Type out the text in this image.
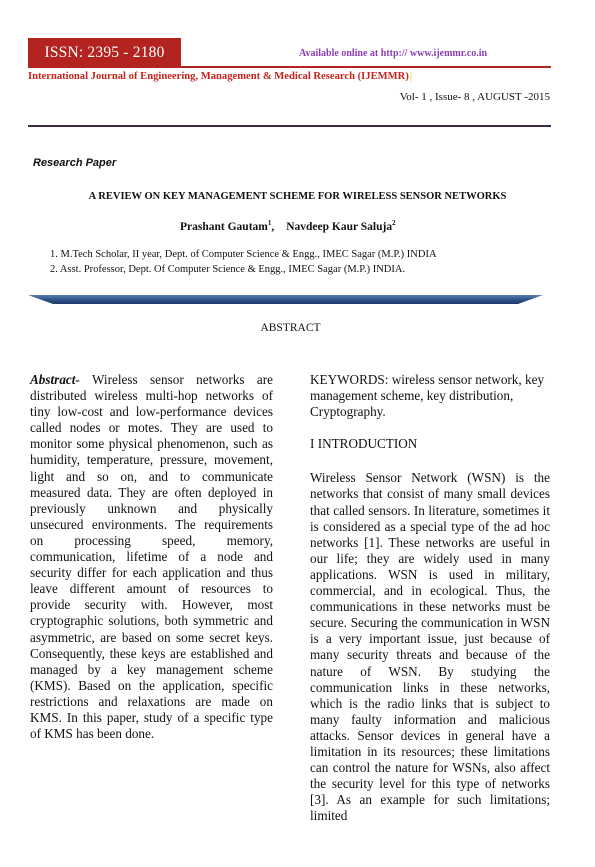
ISSN: 2395 - 2180	Available online at http:// www.ijemmr.co.in
International Journal of Engineering, Management & Medical Research (IJEMMR)|
Vol- 1 , Issue- 8 , AUGUST -2015
Research Paper
A REVIEW ON KEY MANAGEMENT SCHEME FOR WIRELESS SENSOR NETWORKS
Prashant Gautam$^1$, Navdeep Kaur Saluja$^2$
1. M.Tech Scholar, II year, Dept. of Computer Science & Engg., IMEC Sagar (M.P.) INDIA
2. Asst. Professor, Dept. Of Computer Science & Engg., IMEC Sagar (M.P.) INDIA.
ABSTRACT

Abstract- Wireless sensor networks are distributed wireless multi-hop networks of tiny low-cost and low-performance devices called nodes or motes. They are used to monitor some physical phenomenon, such as humidity, temperature, pressure, movement, light and so on, and to communicate measured data. They are often deployed in previously unknown and physically unsecured environments. The requirements on processing speed, memory, communication, lifetime of a node and security differ for each application and thus leave different amount of resources to provide security with. However, most cryptographic solutions, both symmetric and asymmetric, are based on some secret keys. Consequently, these keys are established and managed by a key management scheme (KMS). Based on the application, specific restrictions and relaxations are made on KMS. In this paper, study of a specific type of KMS has been done.

KEYWORDS: wireless sensor network, key management scheme, key distribution, Cryptography.

I INTRODUCTION

Wireless Sensor Network (WSN) is the networks that consist of many small devices that called sensors. In literature, sometimes it is considered as a special type of the ad hoc networks [1]. These networks are useful in our life; they are widely used in many applications. WSN is used in military, commercial, and in ecological. Thus, the communications in these networks must be secure. Securing the communication in WSN is a very important issue, just because of many security threats and because of the nature of WSN. By studying the communication links in these networks, which is the radio links that is subject to many faulty information and malicious attacks. Sensor devices in general have a limitation in its resources; these limitations can control the nature for WSNs, also affect the security level for this type of networks [3]. As an example for such limitations; limited
